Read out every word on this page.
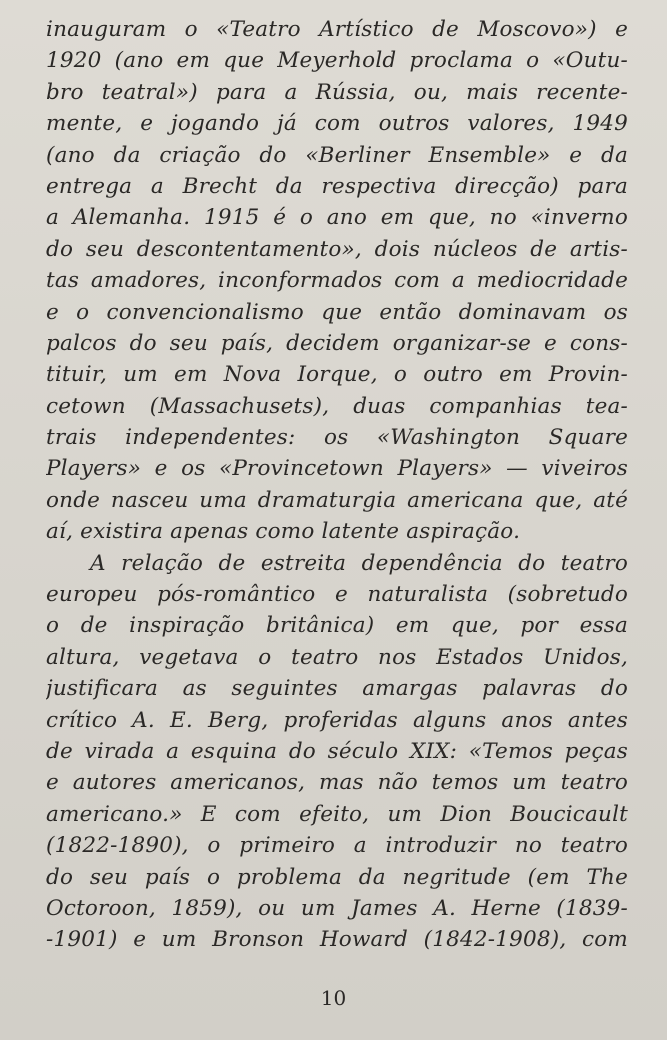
inauguram o «Teatro Artístico de Moscovo») e
1920 (ano em que Meyerhold proclama o «Outu-
bro teatral») para a Rússia, ou, mais recente-
mente, e jogando já com outros valores, 1949
(ano da criação do «Berliner Ensemble» e da
entrega a Brecht da respectiva direcção) para
a Alemanha. 1915 é o ano em que, no «inverno
do seu descontentamento», dois núcleos de artis-
tas amadores, inconformados com a mediocridade
e o convencionalismo que então dominavam os
palcos do seu país, decidem organizar-se e cons-
tituir, um em Nova Iorque, o outro em Provin-
cetown (Massachusets), duas companhias tea-
trais independentes: os «Washington Square
Players» e os «Provincetown Players» — viveiros
onde nasceu uma dramaturgia americana que, até
aí, existira apenas como latente aspiração.
A relação de estreita dependência do teatro
europeu pós-romântico e naturalista (sobretudo
o de inspiração britânica) em que, por essa
altura, vegetava o teatro nos Estados Unidos,
justificara as seguintes amargas palavras do
crítico A. E. Berg, proferidas alguns anos antes
de virada a esquina do século XIX: «Temos peças
e autores americanos, mas não temos um teatro
americano.» E com efeito, um Dion Boucicault
(1822-1890), o primeiro a introduzir no teatro
do seu país o problema da negritude (em The
Octoroon, 1859), ou um James A. Herne (1839-
-1901) e um Bronson Howard (1842-1908), com
10
